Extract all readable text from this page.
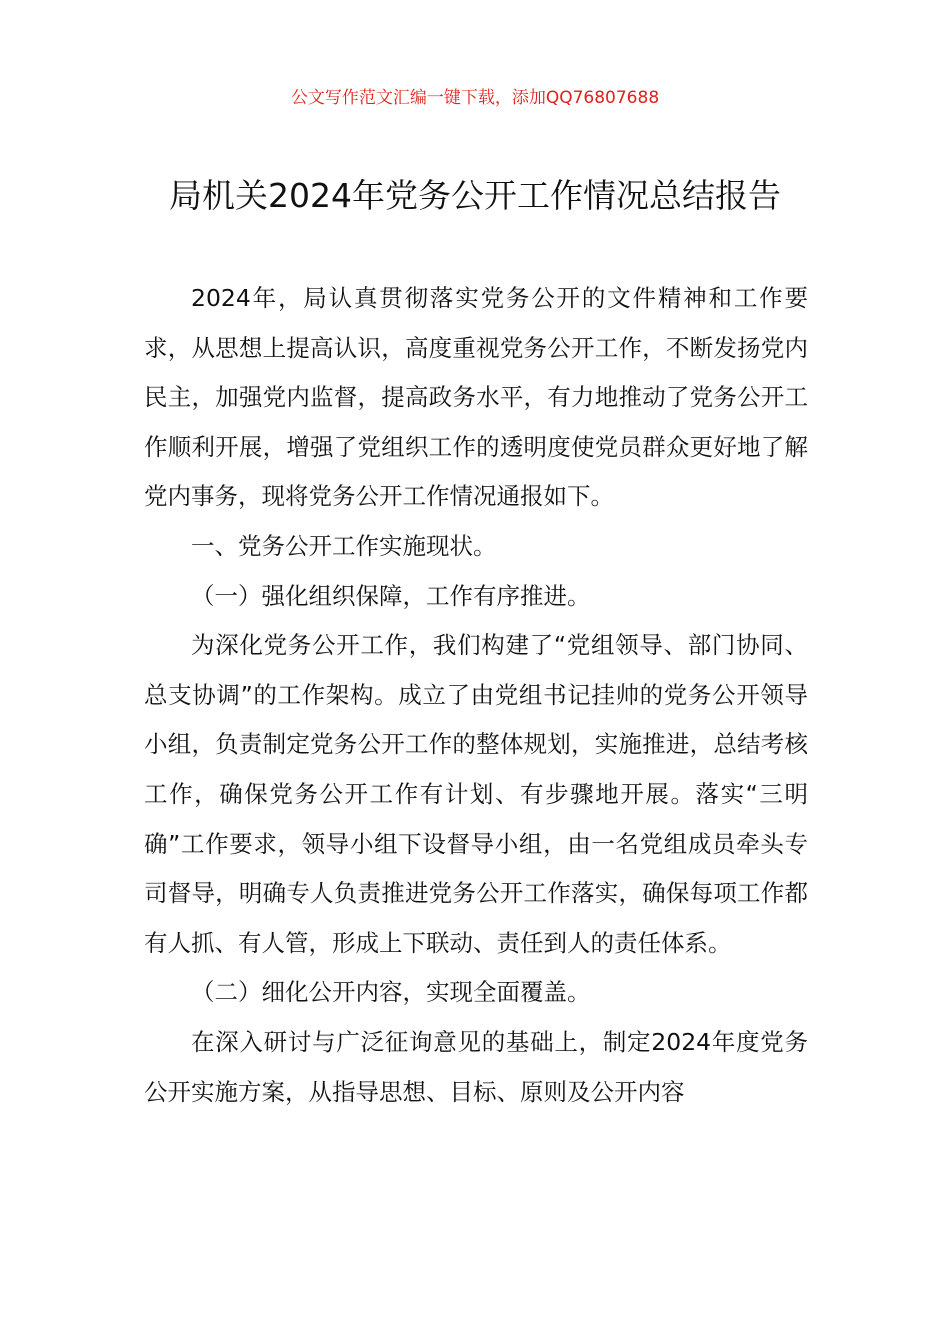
公文写作范文汇编一键下载，添加QQ76807688
局机关2024年党务公开工作情况总结报告

2024年，局认真贯彻落实党务公开的文件精神和工作要求，从思想上提高认识，高度重视党务公开工作，不断发扬党内民主，加强党内监督，提高政务水平，有力地推动了党务公开工作顺利开展，增强了党组织工作的透明度使党员群众更好地了解党内事务，现将党务公开工作情况通报如下。

一、党务公开工作实施现状。

（一）强化组织保障，工作有序推进。

为深化党务公开工作，我们构建了“党组领导、部门协同、总支协调”的工作架构。成立了由党组书记挂帅的党务公开领导小组，负责制定党务公开工作的整体规划，实施推进，总结考核工作，确保党务公开工作有计划、有步骤地开展。落实“三明确”工作要求，领导小组下设督导小组，由一名党组成员牵头专司督导，明确专人负责推进党务公开工作落实，确保每项工作都有人抓、有人管，形成上下联动、责任到人的责任体系。

（二）细化公开内容，实现全面覆盖。

在深入研讨与广泛征询意见的基础上，制定2024年度党务公开实施方案，从指导思想、目标、原则及公开内容
